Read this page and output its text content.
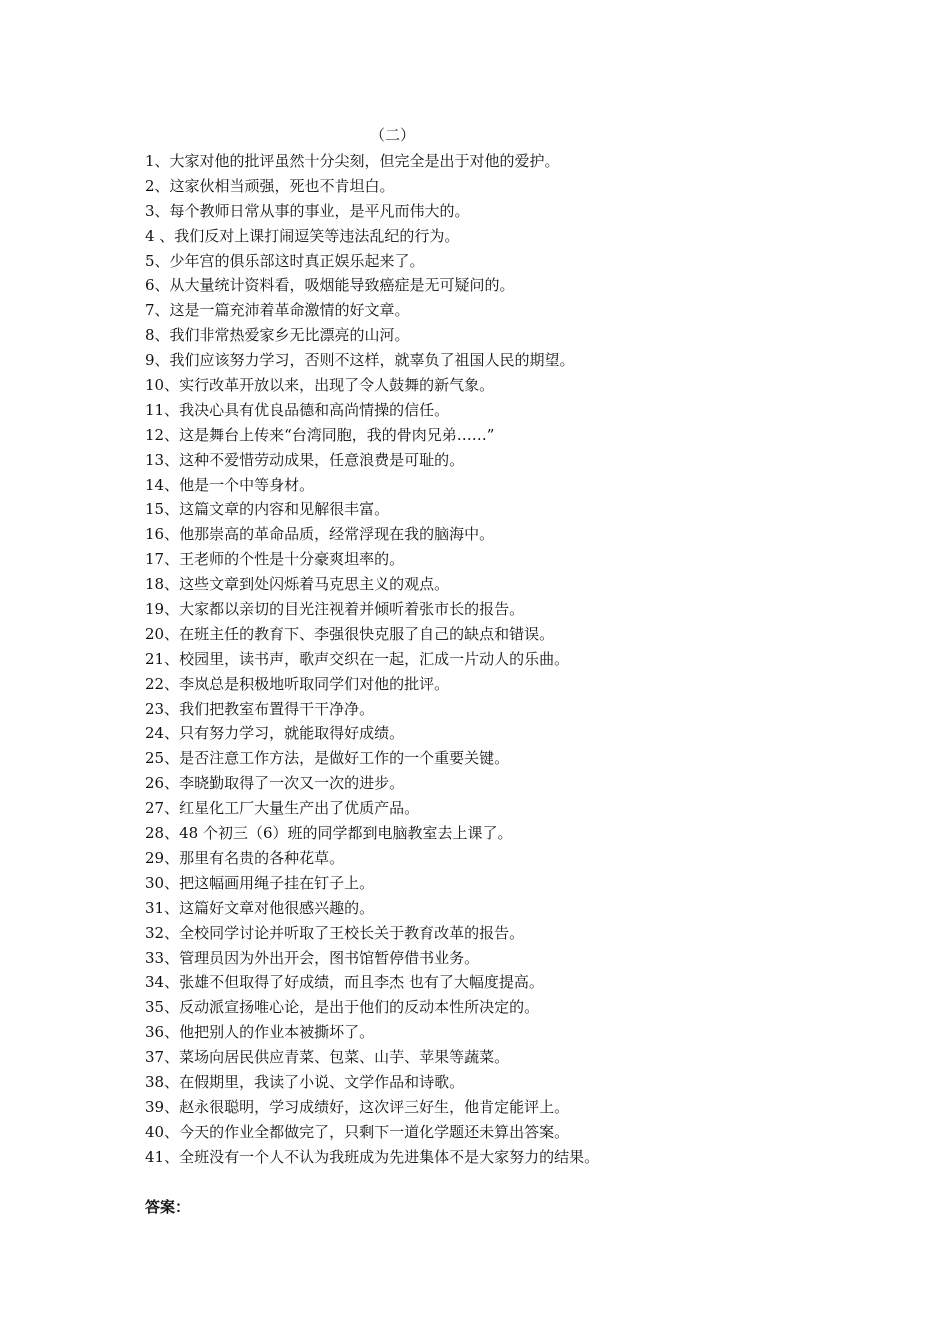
（二）
1、大家对他的批评虽然十分尖刻，但完全是出于对他的爱护。
2、这家伙相当顽强，死也不肯坦白。
3、每个教师日常从事的事业，是平凡而伟大的。
4 、我们反对上课打闹逗笑等违法乱纪的行为。
5、少年宫的俱乐部这时真正娱乐起来了。
6、从大量统计资料看，吸烟能导致癌症是无可疑问的。
7、这是一篇充沛着革命激情的好文章。
8、我们非常热爱家乡无比漂亮的山河。
9、我们应该努力学习，否则不这样，就辜负了祖国人民的期望。
10、实行改革开放以来，出现了令人鼓舞的新气象。
11、我决心具有优良品德和高尚情操的信任。
12、这是舞台上传来“台湾同胞，我的骨肉兄弟……”
13、这种不爱惜劳动成果，任意浪费是可耻的。
14、他是一个中等身材。
15、这篇文章的内容和见解很丰富。
16、他那崇高的革命品质，经常浮现在我的脑海中。
17、王老师的个性是十分豪爽坦率的。
18、这些文章到处闪烁着马克思主义的观点。
19、大家都以亲切的目光注视着并倾听着张市长的报告。
20、在班主任的教育下、李强很快克服了自己的缺点和错误。
21、校园里，读书声，歌声交织在一起，汇成一片动人的乐曲。
22、李岚总是积极地听取同学们对他的批评。
23、我们把教室布置得干干净净。
24、只有努力学习，就能取得好成绩。
25、是否注意工作方法，是做好工作的一个重要关键。
26、李晓勤取得了一次又一次的进步。
27、红星化工厂大量生产出了优质产品。
28、48 个初三（6）班的同学都到电脑教室去上课了。
29、那里有名贵的各种花草。
30、把这幅画用绳子挂在钉子上。
31、这篇好文章对他很感兴趣的。
32、全校同学讨论并听取了王校长关于教育改革的报告。
33、管理员因为外出开会，图书馆暂停借书业务。
34、张雄不但取得了好成绩，而且李杰 也有了大幅度提高。
35、反动派宣扬唯心论，是出于他们的反动本性所决定的。
36、他把别人的作业本被撕坏了。
37、菜场向居民供应青菜、包菜、山芋、苹果等蔬菜。
38、在假期里，我读了小说、文学作品和诗歌。
39、赵永很聪明，学习成绩好，这次评三好生，他肯定能评上。
40、今天的作业全都做完了，只剩下一道化学题还未算出答案。
41、全班没有一个人不认为我班成为先进集体不是大家努力的结果。
答案：
